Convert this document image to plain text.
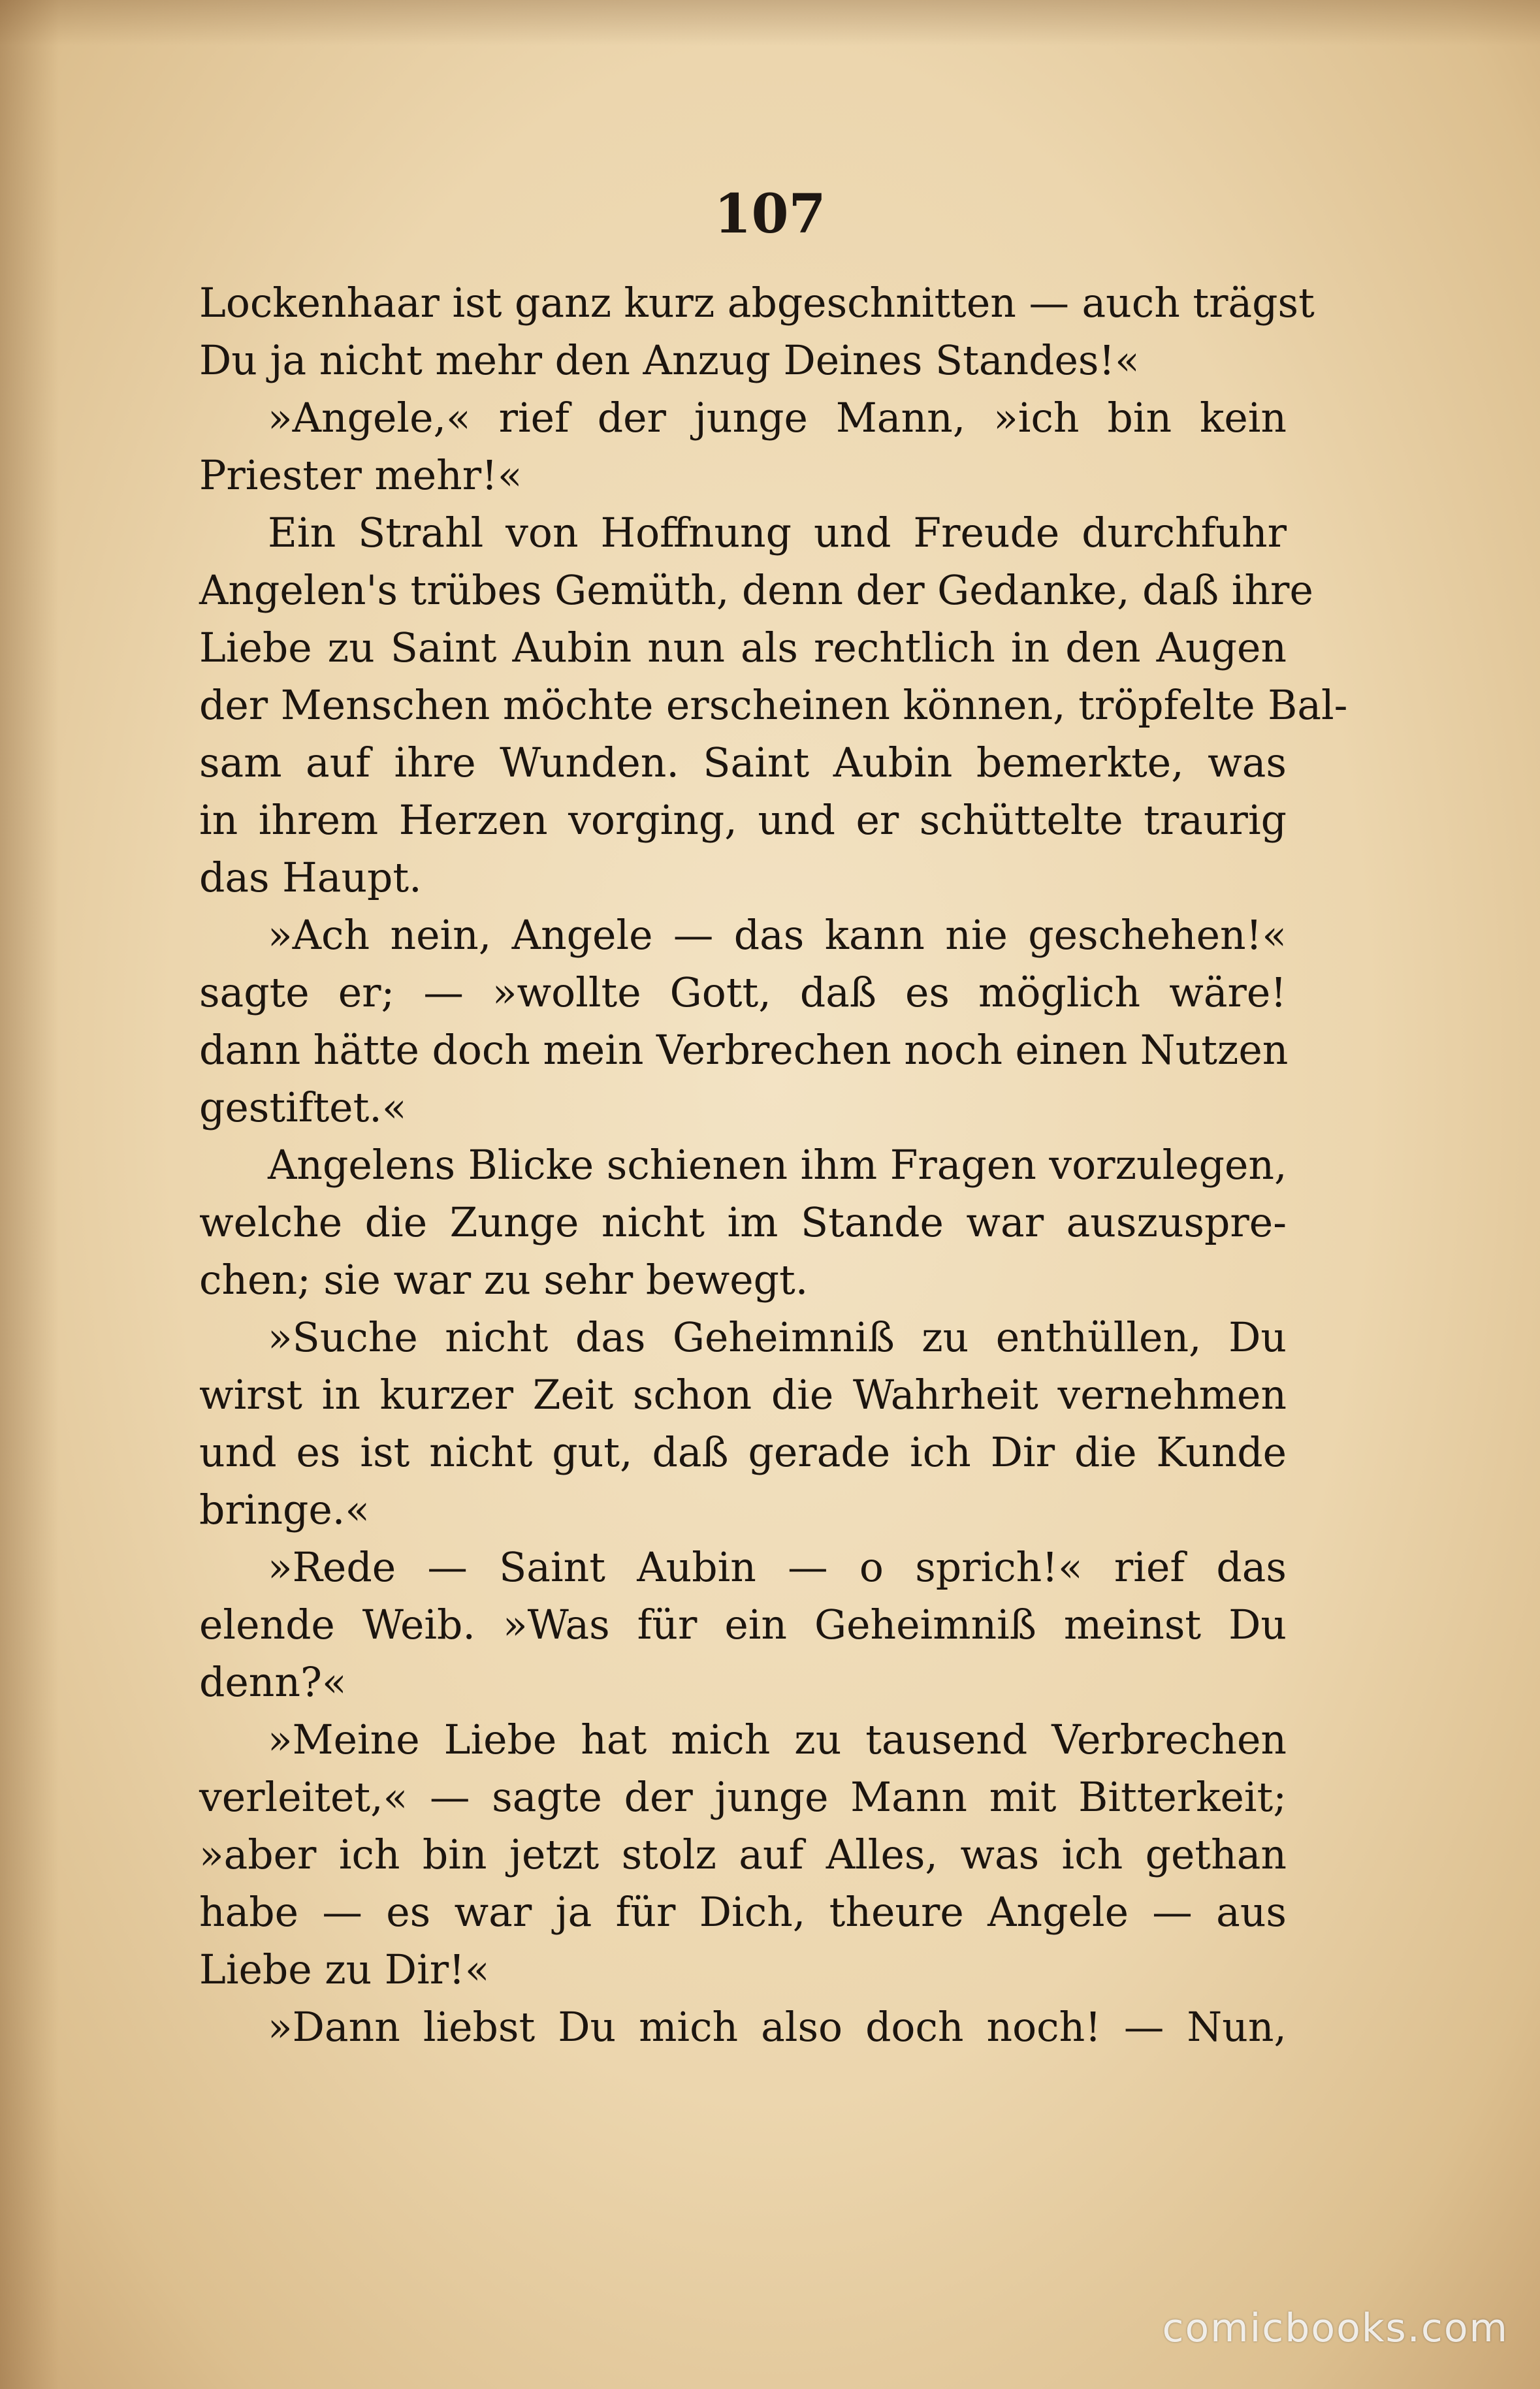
107
Lockenhaar ist ganz kurz abgeschnitten — auch trägst
Du ja nicht mehr den Anzug Deines Standes!«
»Angele,« rief der junge Mann, »ich bin kein
Priester mehr!«
Ein Strahl von Hoffnung und Freude durchfuhr
Angelen's trübes Gemüth, denn der Gedanke, daß ihre
Liebe zu Saint Aubin nun als rechtlich in den Augen
der Menschen möchte erscheinen können, tröpfelte Bal-
sam auf ihre Wunden. Saint Aubin bemerkte, was
in ihrem Herzen vorging, und er schüttelte traurig
das Haupt.
»Ach nein, Angele — das kann nie geschehen!«
sagte er; — »wollte Gott, daß es möglich wäre!
dann hätte doch mein Verbrechen noch einen Nutzen
gestiftet.«
Angelens Blicke schienen ihm Fragen vorzulegen,
welche die Zunge nicht im Stande war auszuspre-
chen; sie war zu sehr bewegt.
»Suche nicht das Geheimniß zu enthüllen, Du
wirst in kurzer Zeit schon die Wahrheit vernehmen
und es ist nicht gut, daß gerade ich Dir die Kunde
bringe.«
»Rede — Saint Aubin — o sprich!« rief das
elende Weib. »Was für ein Geheimniß meinst Du
denn?«
»Meine Liebe hat mich zu tausend Verbrechen
verleitet,« — sagte der junge Mann mit Bitterkeit;
»aber ich bin jetzt stolz auf Alles, was ich gethan
habe — es war ja für Dich, theure Angele — aus
Liebe zu Dir!«
»Dann liebst Du mich also doch noch! — Nun,
comicbooks.com
